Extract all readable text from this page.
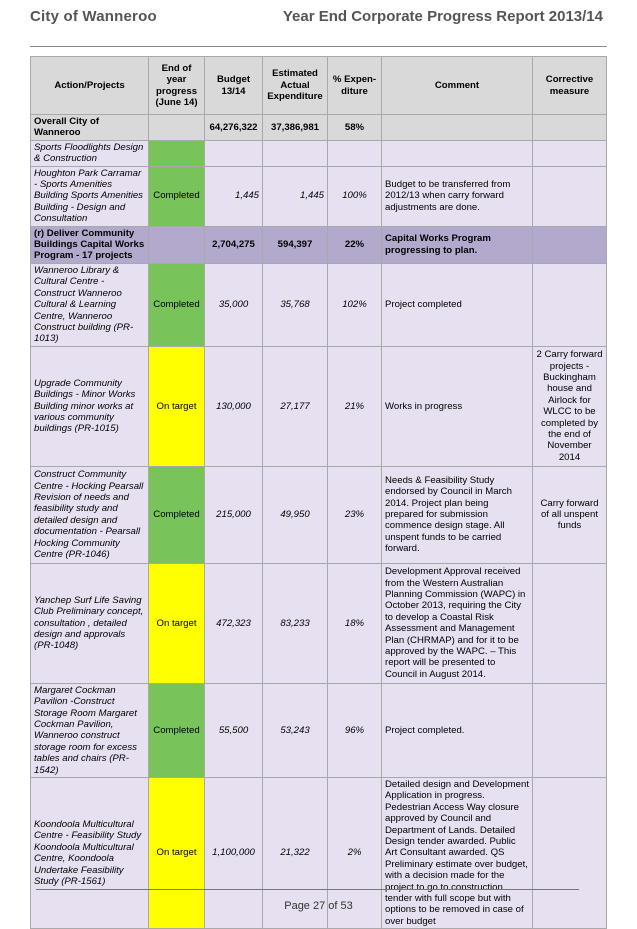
City of Wanneroo	Year End Corporate Progress Report 2013/14
Action/Projects	End of year progress (June 14)	Budget 13/14	Estimated Actual Expenditure	% Expen-diture	Comment	Corrective measure
Overall City of Wanneroo		64,276,322	37,386,981	58%		
Sports Floodlights Design & Construction						
Houghton Park Carramar - Sports Amenities Building Sports Amenities Building - Design and Consultation	Completed	1,445	1,445	100%	Budget to be transferred from 2012/13 when carry forward adjustments are done.	
(r) Deliver Community Buildings Capital Works Program - 17 projects		2,704,275	594,397	22%	Capital Works Program progressing to plan.	
Wanneroo Library & Cultural Centre - Construct Wanneroo Cultural & Learning Centre, Wanneroo Construct building (PR-1013)	Completed	35,000	35,768	102%	Project completed	
Upgrade Community Buildings - Minor Works Building minor works at various community buildings (PR-1015)	On target	130,000	27,177	21%	Works in progress	2 Carry forward projects - Buckingham house and Airlock for WLCC to be completed by the end of November 2014
Construct Community Centre - Hocking Pearsall Revision of needs and feasibility study and detailed design and documentation - Pearsall Hocking Community Centre (PR-1046)	Completed	215,000	49,950	23%	Needs & Feasibility Study endorsed by Council in March 2014. Project plan being prepared for submission commence design stage. All unspent funds to be carried forward.	Carry forward of all unspent funds
Yanchep Surf Life Saving Club Preliminary concept, consultation , detailed design and approvals (PR-1048)	On target	472,323	83,233	18%	Development Approval received from the Western Australian Planning Commission (WAPC) in October 2013, requiring the City to develop a Coastal Risk Assessment and Management Plan (CHRMAP) and for it to be approved by the WAPC. – This report will be presented to Council in August 2014.	
Margaret Cockman Pavilion -Construct Storage Room Margaret Cockman Pavilion, Wanneroo construct storage room for excess tables and chairs (PR-1542)	Completed	55,500	53,243	96%	Project completed.	
Koondoola Multicultural Centre - Feasibility Study Koondoola Multicultural Centre, Koondoola Undertake Feasibility Study (PR-1561)	On target	1,100,000	21,322	2%	Detailed design and Development Application in progress. Pedestrian Access Way closure approved by Council and Department of Lands. Detailed Design tender awarded. Public Art Consultant awarded. QS Preliminary estimate over budget, with a decision made for the project to go to construction tender with full scope but with options to be removed in case of over budget	
Page 27 of 53
